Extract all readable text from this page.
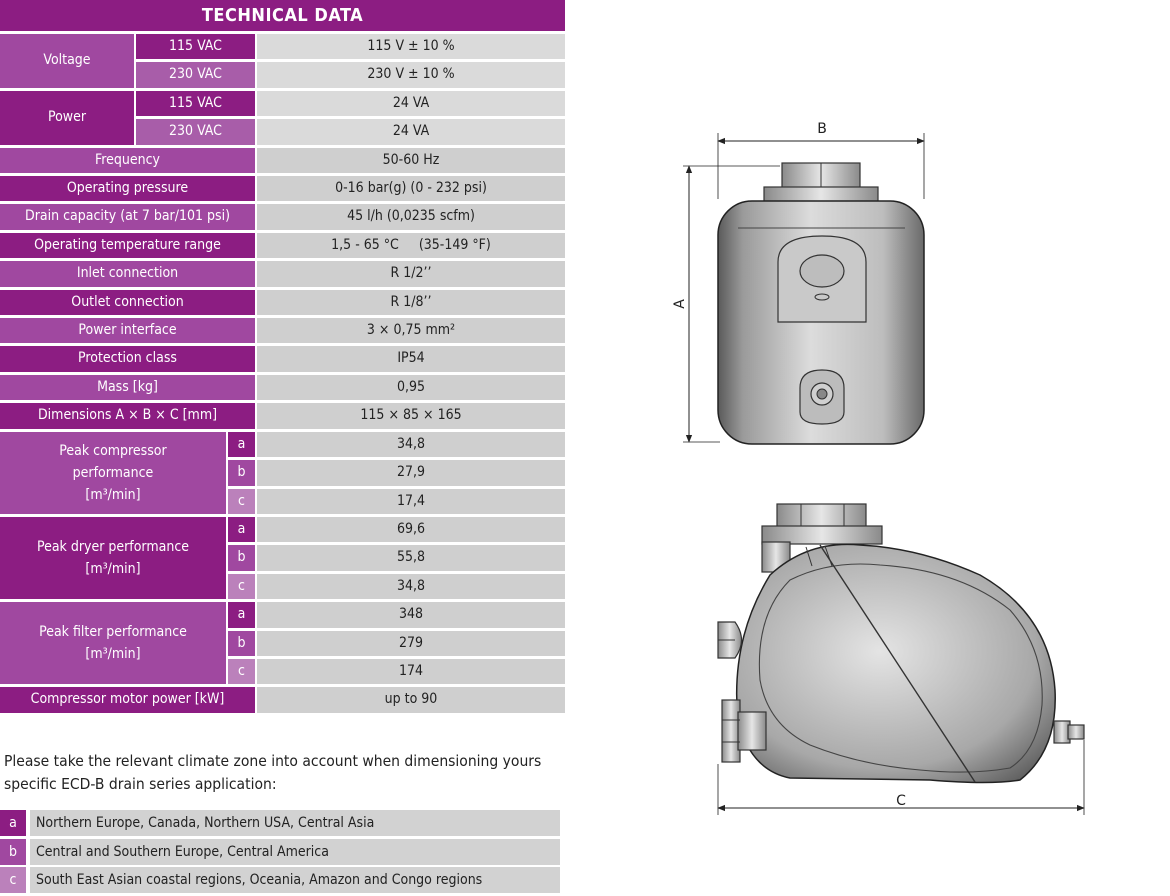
TECHNICAL DATA			
Voltage	115 VAC		115 V ± 10 %
	230 VAC		230 V ± 10 %
Power	115 VAC		24 VA
	230 VAC		24 VA
Frequency			50-60 Hz
Operating pressure			0-16 bar(g) (0 - 232 psi)
Drain capacity (at 7 bar/101 psi)			45 l/h (0,0235 scfm)
Operating temperature range			1,5 - 65 °C     (35-149 °F)
Inlet connection			R 1/2’’
Outlet connection			R 1/8’’
Power interface			3 × 0,75 mm²
Protection class			IP54
Mass [kg]			0,95
Dimensions A × B × C [mm]			115 × 85 × 165
Peak compressor
performance
[m³/min]		a	34,8
		b	27,9
		c	17,4
Peak dryer performance
[m³/min]		a	69,6
		b	55,8
		c	34,8
Peak filter performance
[m³/min]		a	348
		b	279
		c	174
Compressor motor power [kW]			up to 90
Please take the relevant climate zone into account when dimensioning yours specific ECD-B drain series application:
a	Northern Europe, Canada, Northern USA, Central Asia
b	Central and Southern Europe, Central America
c	South East Asian coastal regions, Oceania, Amazon and Congo regions
B
A
C
